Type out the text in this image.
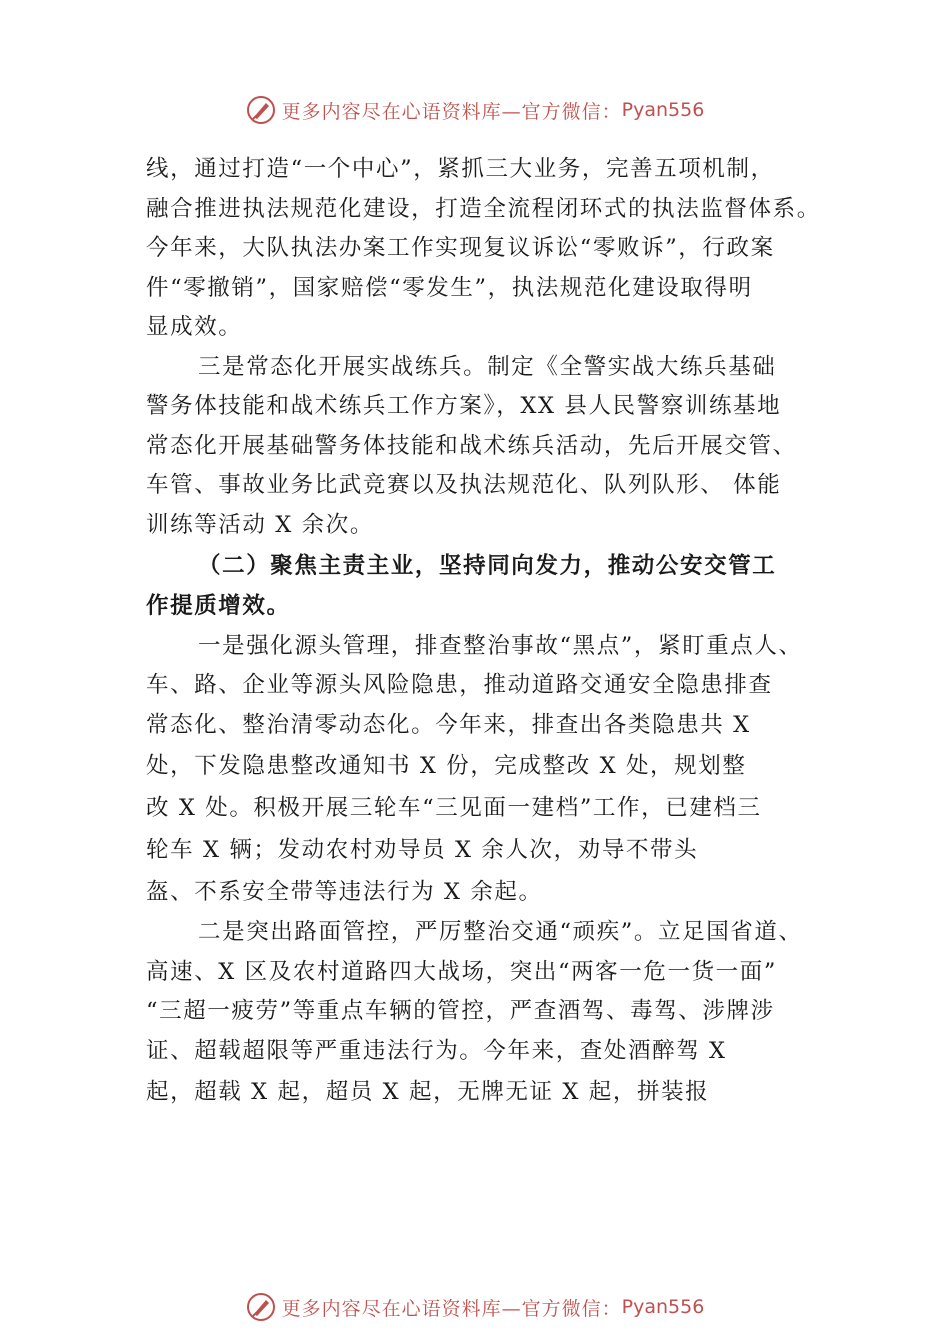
更多内容尽在心语资料库—官方微信： Pyan556
线，通过打造“一个中心”，紧抓三大业务，完善五项机制，
融合推进执法规范化建设，打造全流程闭环式的执法监督体系。
今年来，大队执法办案工作实现复议诉讼“零败诉”，行政案
件“零撤销”，国家赔偿“零发生”，执法规范化建设取得明
显成效。
三是常态化开展实战练兵。制定《全警实战大练兵基础
警务体技能和战术练兵工作方案》，XX 县人民警察训练基地
常态化开展基础警务体技能和战术练兵活动，先后开展交管、
车管、事故业务比武竞赛以及执法规范化、队列队形、 体能
训练等活动 X 余次。
（二）聚焦主责主业，坚持同向发力，推动公安交管工
作提质增效。
一是强化源头管理，排查整治事故“黑点”，紧盯重点人、
车、路、企业等源头风险隐患，推动道路交通安全隐患排查
常态化、整治清零动态化。今年来，排查出各类隐患共 X
处，下发隐患整改通知书 X 份，完成整改 X 处，规划整
改 X 处。积极开展三轮车“三见面一建档”工作，已建档三
轮车 X 辆；发动农村劝导员 X 余人次，劝导不带头
盔、不系安全带等违法行为 X 余起。
二是突出路面管控，严厉整治交通“顽疾”。立足国省道、
高速、X 区及农村道路四大战场，突出“两客一危一货一面”
“三超一疲劳”等重点车辆的管控，严查酒驾、毒驾、涉牌涉
证、超载超限等严重违法行为。今年来，查处酒醉驾 X
起，超载 X 起，超员 X 起，无牌无证 X 起，拼装报
更多内容尽在心语资料库—官方微信： Pyan556
